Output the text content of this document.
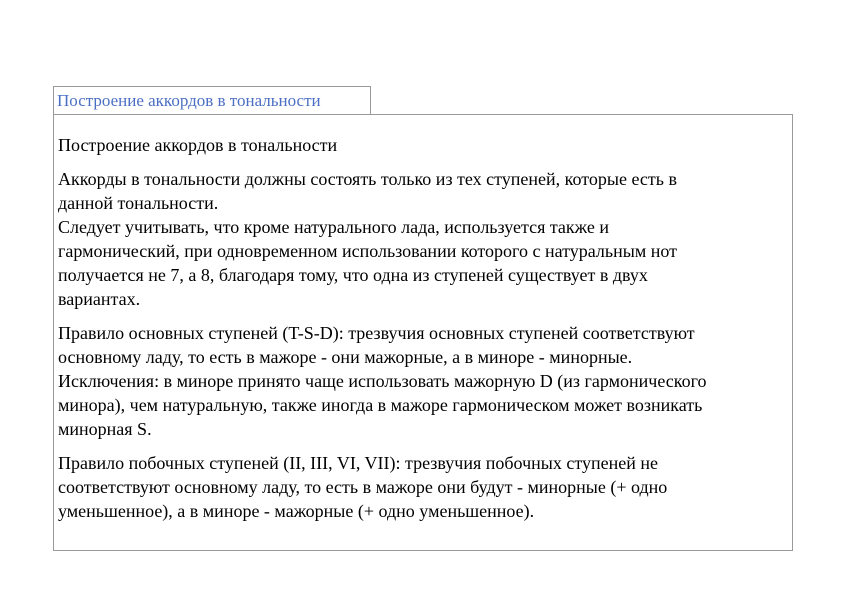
Построение аккордов в тональности

Построение аккордов в тональности

Аккорды в тональности должны состоять только из тех ступеней, которые есть в
данной тональности.
Следует учитывать, что кроме натурального лада, используется также и
гармонический, при одновременном использовании которого с натуральным нот
получается не 7, а 8, благодаря тому, что одна из ступеней существует в двух
вариантах.

Правило основных ступеней (T-S-D): трезвучия основных ступеней соответствуют
основному ладу, то есть в мажоре - они мажорные, а в миноре - минорные.
Исключения: в миноре принято чаще использовать мажорную D (из гармонического
минора), чем натуральную, также иногда в мажоре гармоническом может возникать
минорная S.

Правило побочных ступеней (II, III, VI, VII): трезвучия побочных ступеней не
соответствуют основному ладу, то есть в мажоре они будут - минорные (+ одно
уменьшенное), а в миноре - мажорные (+ одно уменьшенное).
